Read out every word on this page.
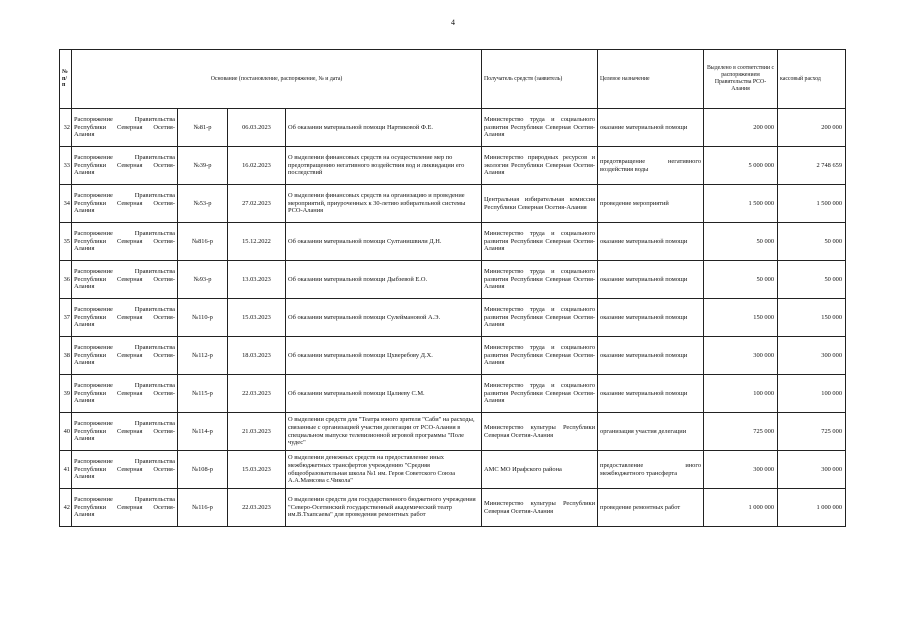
4
№
п/п	Основание (постановление, распоряжение, № и дата)				Получатель средств (заявитель)	Целевое назначение	Выделено в соответствии с распоряжением Правительства РСО-Алания	кассовый расход
32	Распоряжение Правительства Республики Северная Осетия-Алания	№81-р	06.03.2023	Об оказании материальной помощи Нартиковой Ф.Е.	Министерство труда и социального развития Республики Северная Осетия-Алания	оказание материальной помощи	200 000	200 000
33	Распоряжение Правительства Республики Северная Осетия-Алания	№39-р	16.02.2023	О выделении финансовых средств на осуществление мер по предотвращению негативного воздействия вод и ликвидации его последствий	Министерство природных ресурсов и экологии Республики Северная Осетия-Алания	предотвращение негативного воздействия воды	5 000 000	2 748 659
34	Распоряжение Правительства Республики Северная Осетия-Алания	№53-р	27.02.2023	О выделении финансовых средств на организацию и проведение мероприятий, приуроченных к 30-летию избирательной системы РСО-Алания	Центральная избирательная комиссия Республики Северная Осетия-Алания	проведение мероприятий	1 500 000	1 500 000
35	Распоряжение Правительства Республики Северная Осетия-Алания	№816-р	15.12.2022	Об оказании материальной помощи Султанишвили Д.Н.	Министерство труда и социального развития Республики Северная Осетия-Алания	оказание материальной помощи	50 000	50 000
36	Распоряжение Правительства Республики Северная Осетия-Алания	№93-р	13.03.2023	Об оказании материальной помощи Дыбзевой Е.О.	Министерство труда и социального развития Республики Северная Осетия-Алания	оказание материальной помощи	50 000	50 000
37	Распоряжение Правительства Республики Северная Осетия-Алания	№110-р	15.03.2023	Об оказании материальной помощи Сулеймановой А.Э.	Министерство труда и социального развития Республики Северная Осетия-Алания	оказание материальной помощи	150 000	150 000
38	Распоряжение Правительства Республики Северная Осетия-Алания	№112-р	18.03.2023	Об оказании материальной помощи Цхверебову Д.Х.	Министерство труда и социального развития Республики Северная Осетия-Алания	оказание материальной помощи	300 000	300 000
39	Распоряжение Правительства Республики Северная Осетия-Алания	№115-р	22.03.2023	Об оказании материальной помощи Цалиеву С.М.	Министерство труда и социального развития Республики Северная Осетия-Алания	оказание материальной помощи	100 000	100 000
40	Распоряжение Правительства Республики Северная Осетия-Алания	№114-р	21.03.2023	О выделении средств для "Театра юного зрителя "Саби" на расходы, связанные с организацией участия делегации от РСО-Алания в специальном выпуске телевизионной игровой программы "Поле чудес"	Министерство культуры Республики Северная Осетия-Алания	организация участия делегации	725 000	725 000
41	Распоряжение Правительства Республики Северная Осетия-Алания	№108-р	15.03.2023	О выделении денежных средств на предоставление иных межбюджетных трансфертов учреждению "Средняя общеобразовательная школа №1 им. Героя Советского Союза А.А.Мамсова с.Чикола"	АМС МО Ирафского района	предоставление иного межбюджетного трансферта	300 000	300 000
42	Распоряжение Правительства Республики Северная Осетия-Алания	№116-р	22.03.2023	О выделении средств для государственного бюджетного учреждения "Северо-Осетинский государственный академический театр им.В.Тхапсаева" для проведения ремонтных работ	Министерство культуры Республики Северная Осетия-Алания	проведение ремонтных работ	1 000 000	1 000 000
